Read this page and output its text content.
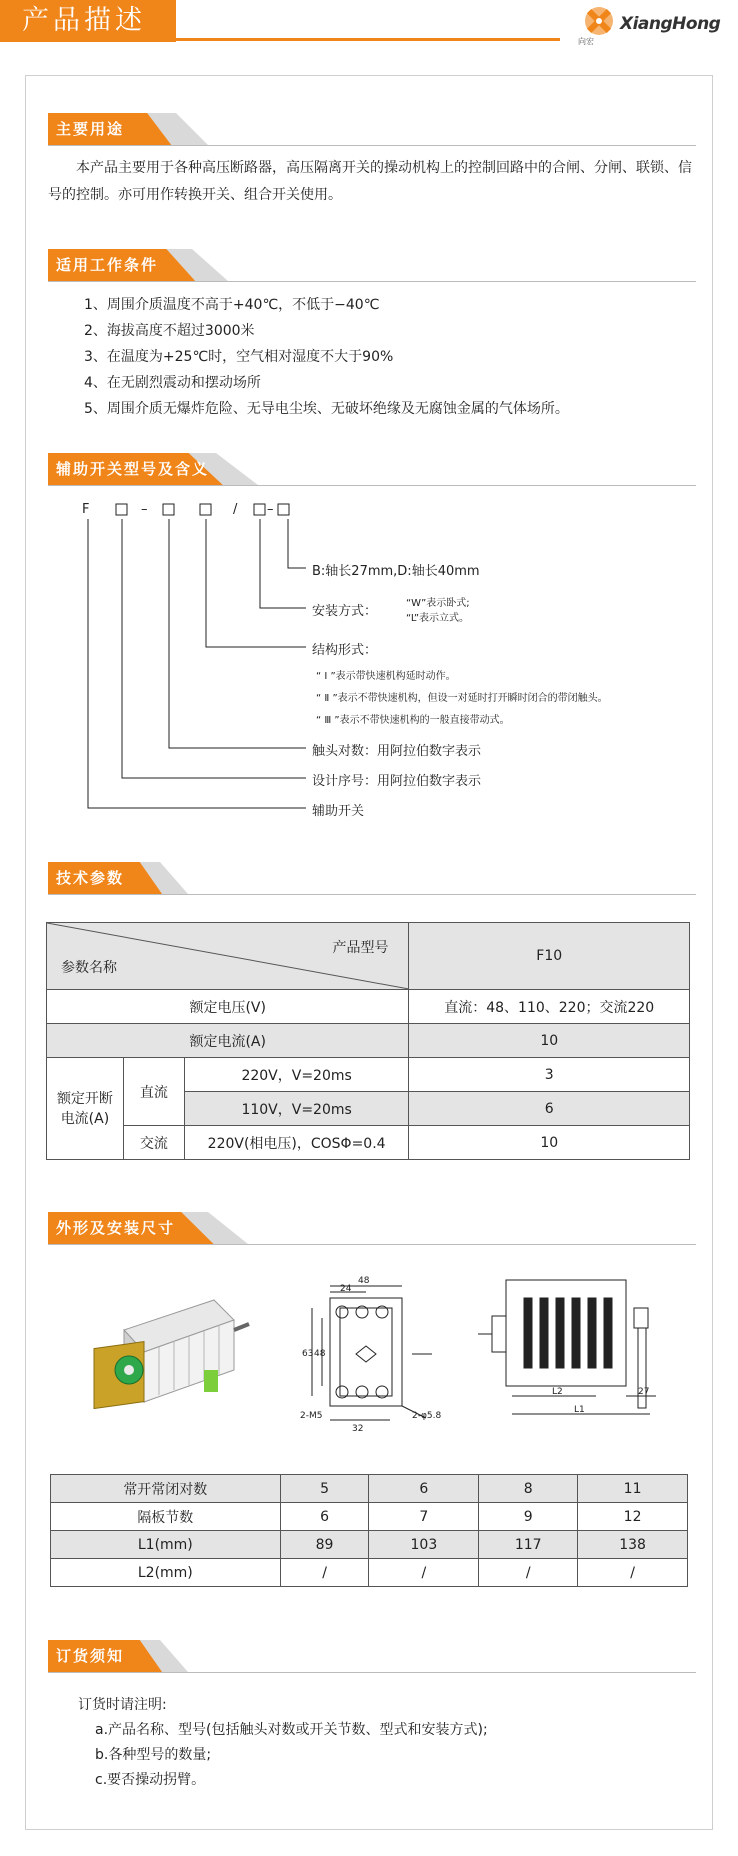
产品描述
向宏
XiangHong
主要用途
本产品主要用于各种高压断路器，高压隔离开关的操动机构上的控制回路中的合闸、分闸、联锁、信号的控制。亦可用作转换开关、组合开关使用。
适用工作条件
1、周围介质温度不高于+40℃，不低于−40℃
2、海拔高度不超过3000米
3、在温度为+25℃时，空气相对湿度不大于90%
4、在无剧烈震动和摆动场所
5、周围介质无爆炸危险、无导电尘埃、无破坏绝缘及无腐蚀金属的气体场所。
辅助开关型号及含义
F	–	/ –
B:轴长27mm,D:轴长40mm
安装方式：
“W”表示卧式;
“L”表示立式。
结构形式：
“ Ⅰ ”表示带快速机构延时动作。
“ Ⅱ ”表示不带快速机构，但设一对延时打开瞬时闭合的带闭触头。
“ Ⅲ ”表示不带快速机构的一般直接带动式。
触头对数：用阿拉伯数字表示
设计序号：用阿拉伯数字表示
辅助开关
技术参数
产品型号
参数名称			F10
额定电压(V)			直流：48、110、220；交流220
额定电流(A)			10
额定开断电流(A)	直流	220V，V=20ms	3
		110V，V=20ms	6
	交流	220V(相电压)，COSΦ=0.4	10
外形及安装尺寸
48
24
63 48
32
2-M5	2-φ5.8
L2
L1
27
常开常闭对数	5	6	8	11
隔板节数	6	7	9	12
L1(mm)	89	103	117	138
L2(mm)	/	/	/	/
订货须知
订货时请注明:
a.产品名称、型号(包括触头对数或开关节数、型式和安装方式);
b.各种型号的数量;
c.要否操动拐臂。
